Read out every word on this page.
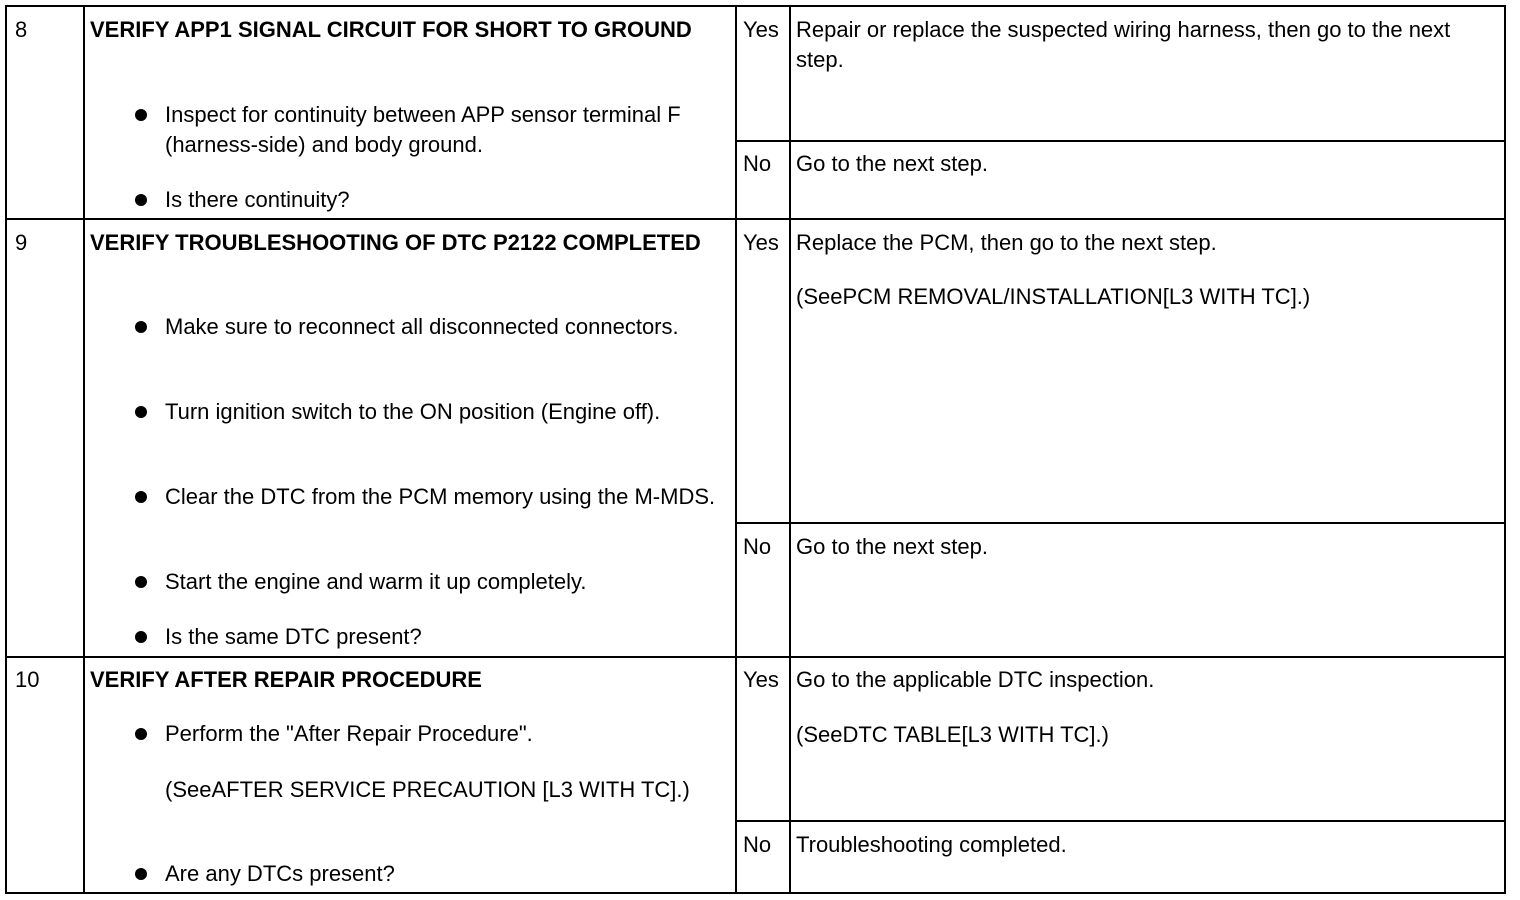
8	VERIFY APP1 SIGNAL CIRCUIT FOR SHORT TO GROUND
Inspect for continuity between APP sensor terminal F (harness-side) and body ground.
Is there continuity?
Yes Repair or replace the suspected wiring harness, then go to the next step.
No Go to the next step.
9	VERIFY TROUBLESHOOTING OF DTC P2122 COMPLETED
Make sure to reconnect all disconnected connectors.
Turn ignition switch to the ON position (Engine off).
Clear the DTC from the PCM memory using the M-MDS.
Start the engine and warm it up completely.
Is the same DTC present?
Yes Replace the PCM, then go to the next step.
(SeePCM REMOVAL/INSTALLATION[L3 WITH TC].)
No Go to the next step.
10 VERIFY AFTER REPAIR PROCEDURE
Perform the "After Repair Procedure".
(SeeAFTER SERVICE PRECAUTION [L3 WITH TC].)
Are any DTCs present?
Yes Go to the applicable DTC inspection.
(SeeDTC TABLE[L3 WITH TC].)
No Troubleshooting completed.
